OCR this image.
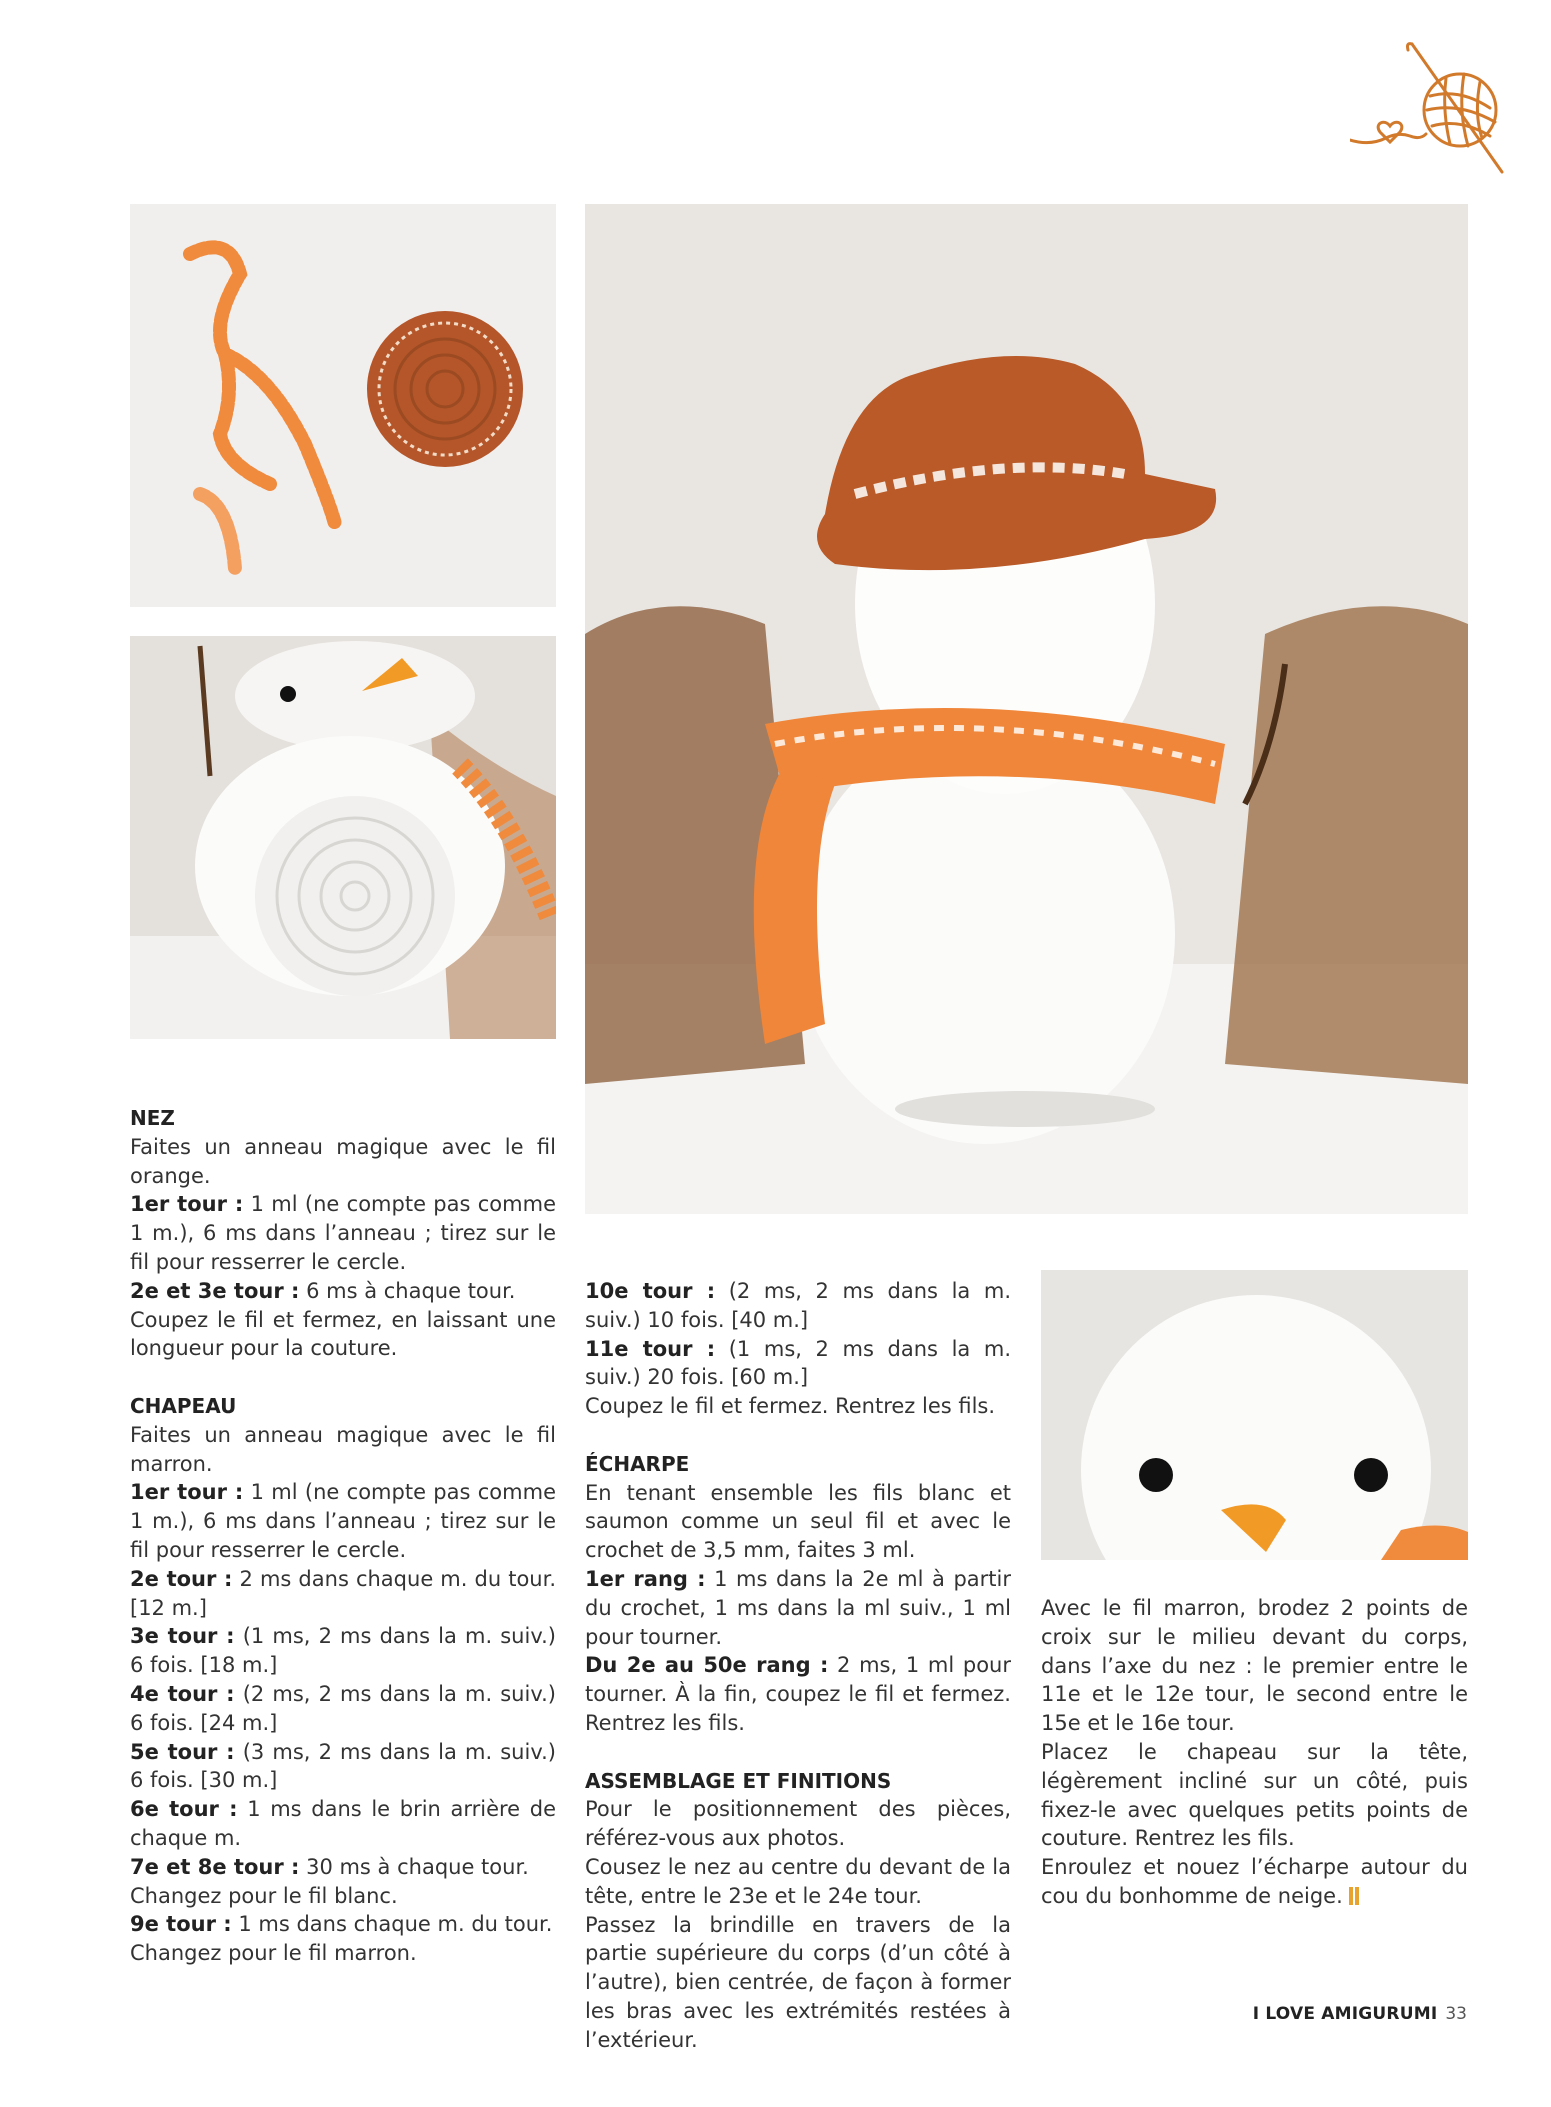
NEZ

Faites un anneau magique avec le fil orange.

1er tour : 1 ml (ne compte pas comme 1 m.), 6 ms dans l’anneau ; tirez sur le fil pour resserrer le cercle.

2e et 3e tour : 6 ms à chaque tour.

Coupez le fil et fermez, en laissant une longueur pour la couture.

CHAPEAU

Faites un anneau magique avec le fil marron.

1er tour : 1 ml (ne compte pas comme 1 m.), 6 ms dans l’anneau ; tirez sur le fil pour resserrer le cercle.

2e tour : 2 ms dans chaque m. du tour. [12 m.]

3e tour : (1 ms, 2 ms dans la m. suiv.) 6 fois. [18 m.]

4e tour : (2 ms, 2 ms dans la m. suiv.) 6 fois. [24 m.]

5e tour : (3 ms, 2 ms dans la m. suiv.) 6 fois. [30 m.]

6e tour : 1 ms dans le brin arrière de chaque m.

7e et 8e tour : 30 ms à chaque tour.

Changez pour le fil blanc.

9e tour : 1 ms dans chaque m. du tour.

Changez pour le fil marron.

10e tour : (2 ms, 2 ms dans la m. suiv.) 10 fois. [40 m.]

11e tour : (1 ms, 2 ms dans la m. suiv.) 20 fois. [60 m.]

Coupez le fil et fermez. Rentrez les fils.

ÉCHARPE

En tenant ensemble les fils blanc et saumon comme un seul fil et avec le crochet de 3,5 mm, faites 3 ml.

1er rang : 1 ms dans la 2e ml à partir du crochet, 1 ms dans la ml suiv., 1 ml pour tourner.

Du 2e au 50e rang : 2 ms, 1 ml pour tourner. À la fin, coupez le fil et fermez. Rentrez les fils.

ASSEMBLAGE ET FINITIONS

Pour le positionnement des pièces, référez-vous aux photos.

Cousez le nez au centre du devant de la tête, entre le 23e et le 24e tour.

Passez la brindille en travers de la partie supérieure du corps (d’un côté à l’autre), bien centrée, de façon à former les bras avec les extrémités restées à l’extérieur.

Avec le fil marron, brodez 2 points de croix sur le milieu devant du corps, dans l’axe du nez : le premier entre le 11e et le 12e tour, le second entre le 15e et le 16e tour.

Placez le chapeau sur la tête, légèrement incliné sur un côté, puis fixez-le avec quelques petits points de couture. Rentrez les fils.

Enroulez et nouez l’écharpe autour du cou du bonhomme de neige.

I LOVE AMIGURUMI 33
